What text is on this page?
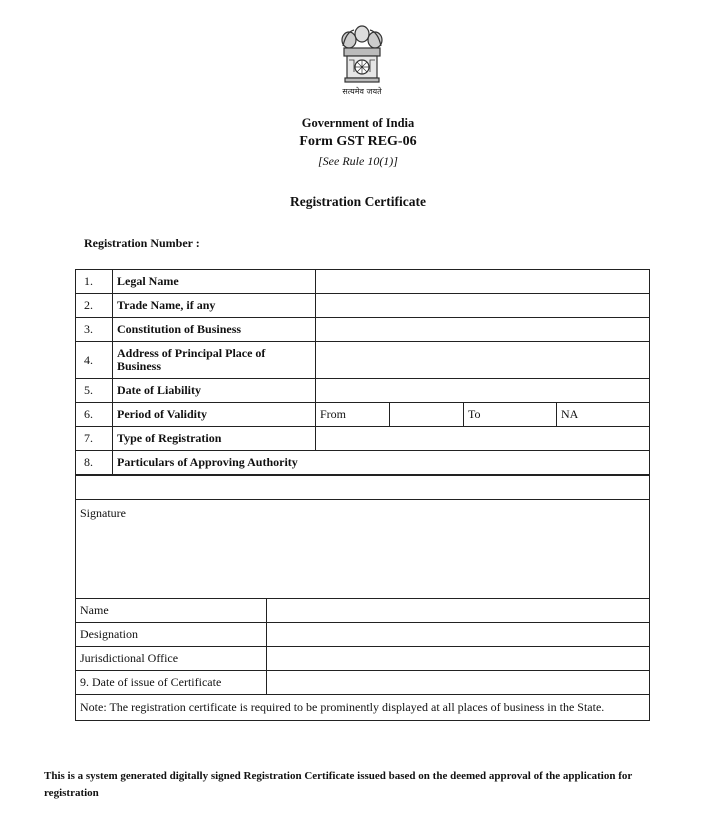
सत्यमेव जयते
Government of India
Form GST REG-06
[See Rule 10(1)]
Registration Certificate
Registration Number :
1.	Legal Name				
2.	Trade Name, if any				
3.	Constitution of Business				
4.	Address of Principal Place of Business				
5.	Date of Liability				
6.	Period of Validity	From		To	NA
7.	Type of Registration				
8.	Particulars of Approving Authority				

Signature	
Name	
Designation	
Jurisdictional Office	
9. Date of issue of Certificate	
Note: The registration certificate is required to be prominently displayed at all places of business in the State.	
This is a system generated digitally signed Registration Certificate issued based on the deemed approval of the application for registration
